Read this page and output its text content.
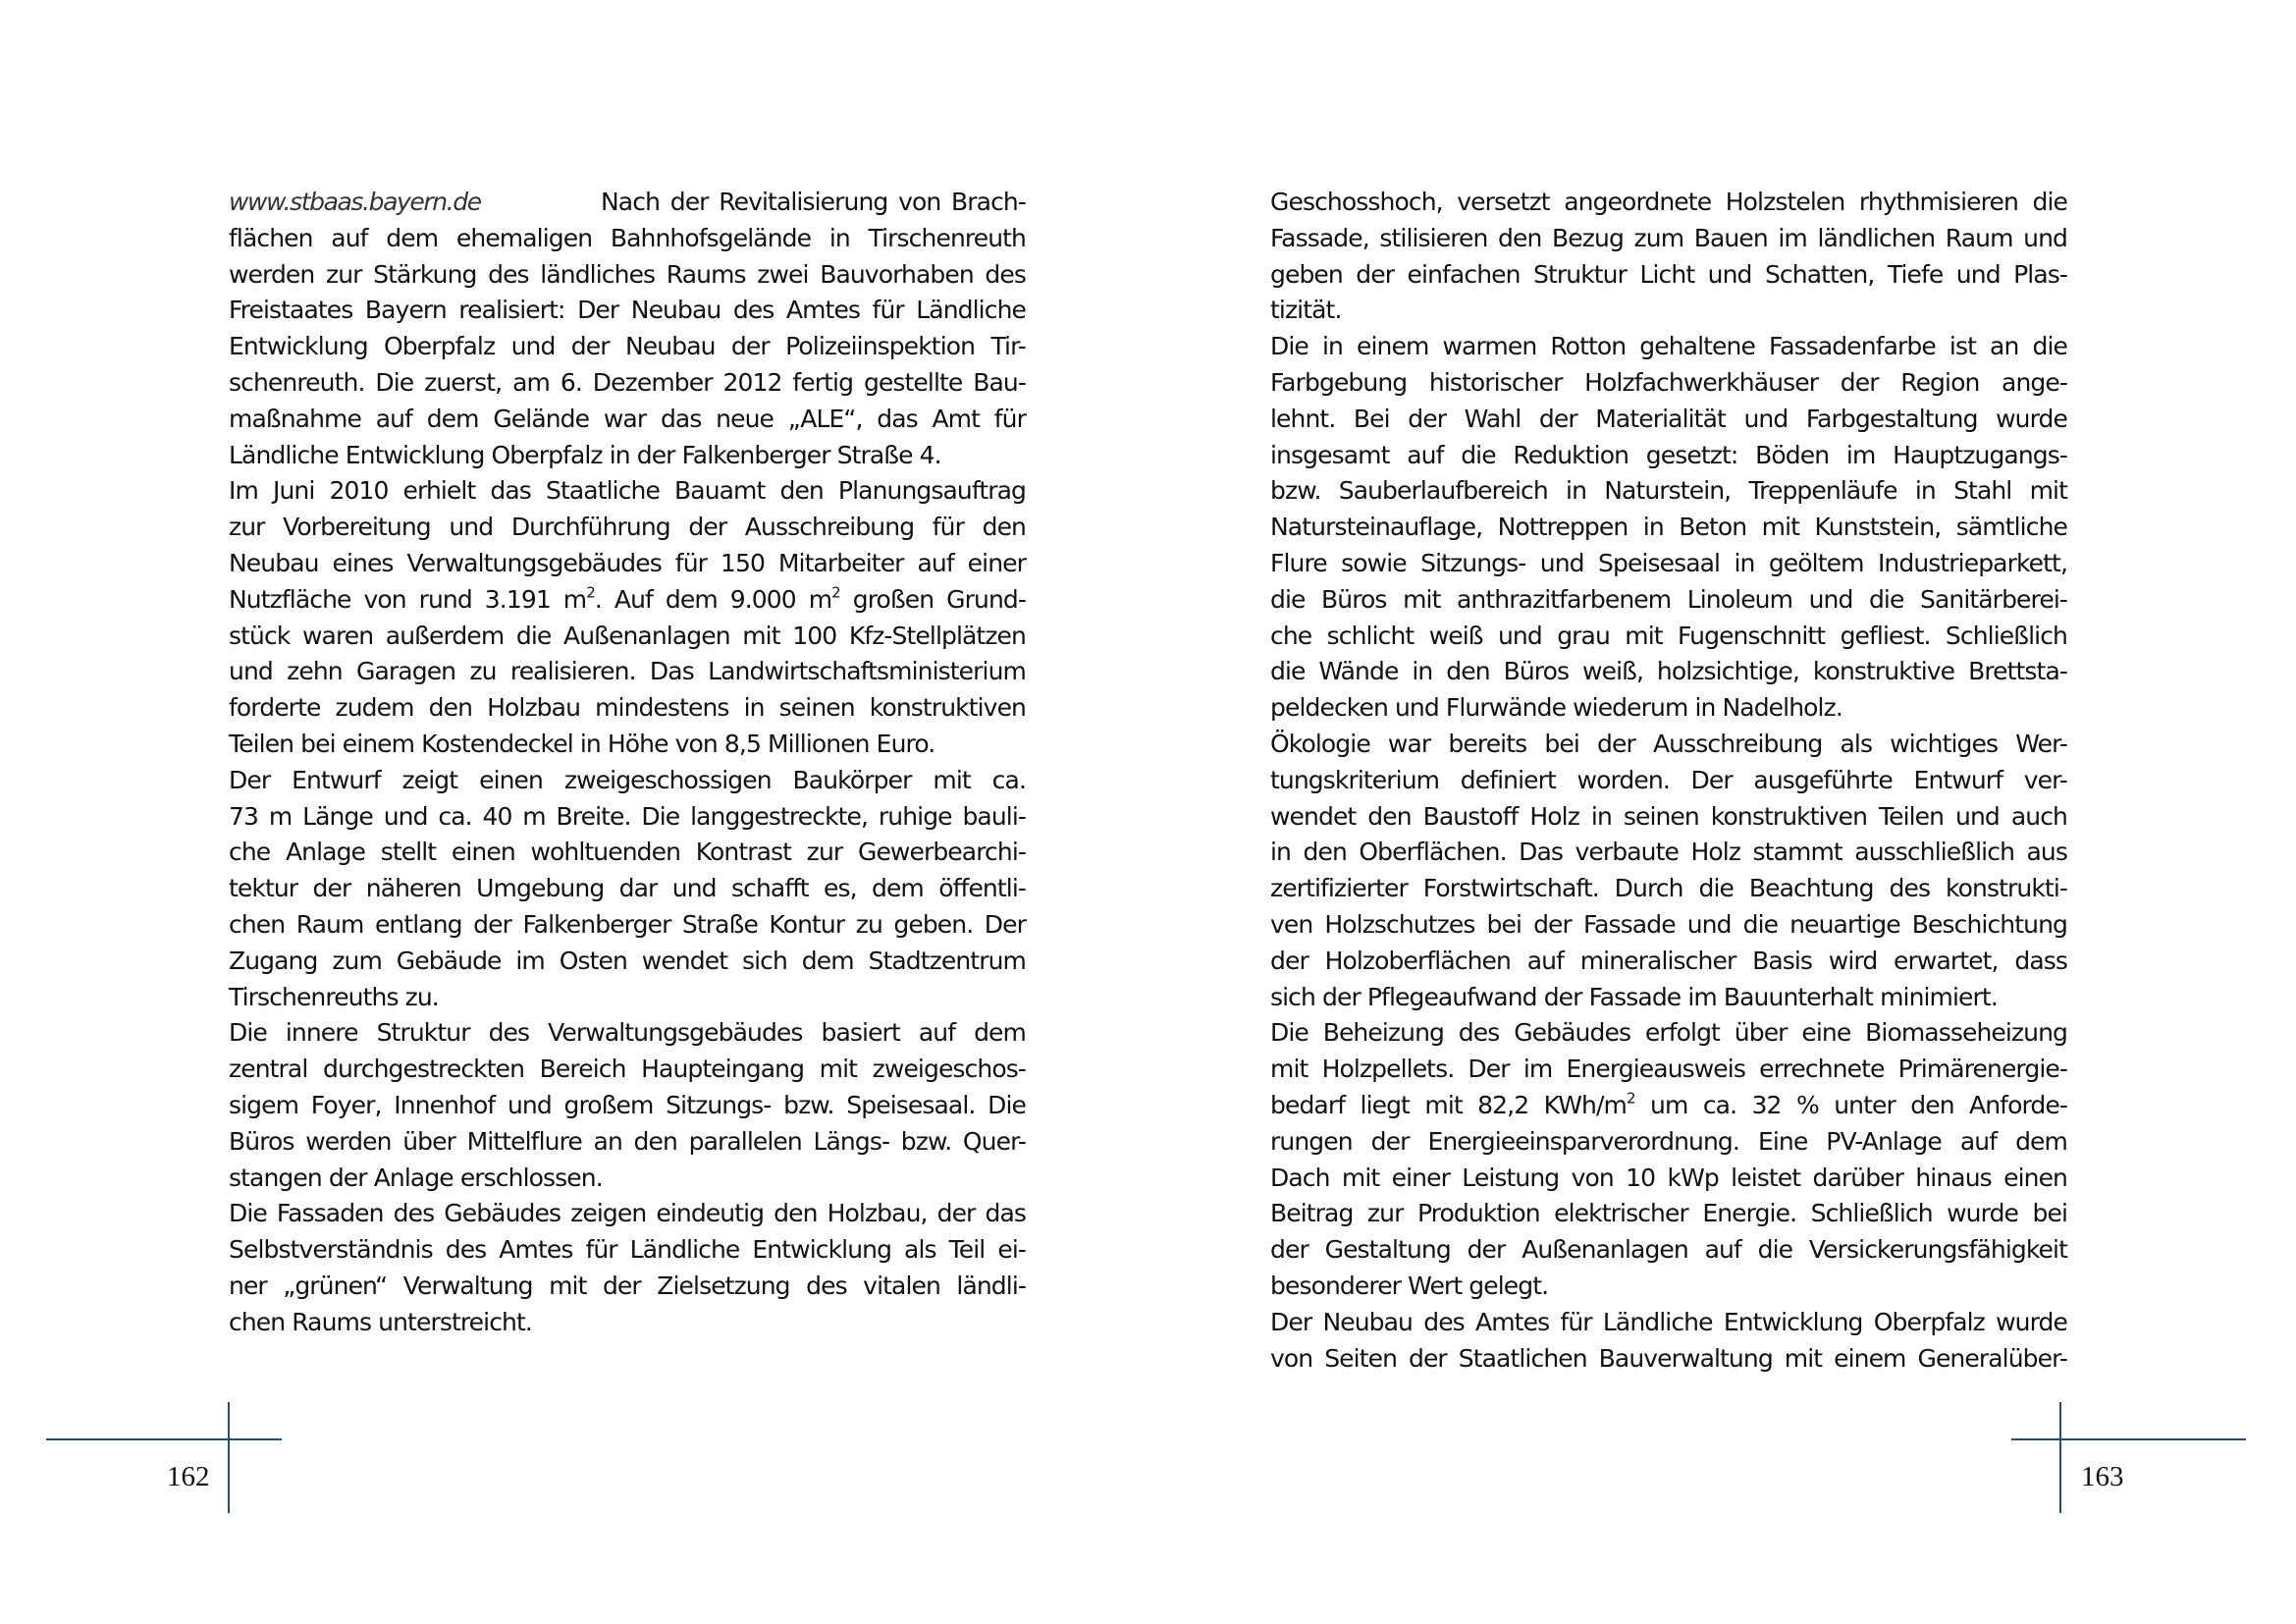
www.stbaas.bayern.de	Nach der Revitalisierung von Brach-
flächen auf dem ehemaligen Bahnhofsgelände in Tirschenreuth
werden zur Stärkung des ländliches Raums zwei Bauvorhaben des
Freistaates Bayern realisiert: Der Neubau des Amtes für Ländliche
Entwicklung Oberpfalz und der Neubau der Polizeiinspektion Tir-
schenreuth. Die zuerst, am 6. Dezember 2012 fertig gestellte Bau-
maßnahme auf dem Gelände war das neue „ALE“, das Amt für
Ländliche Entwicklung Oberpfalz in der Falkenberger Straße 4.
Im Juni 2010 erhielt das Staatliche Bauamt den Planungsauftrag
zur Vorbereitung und Durchführung der Ausschreibung für den
Neubau eines Verwaltungsgebäudes für 150 Mitarbeiter auf einer
Nutzfläche von rund 3.191 $m^2$. Auf dem 9.000 $m^2$ großen Grund-
stück waren außerdem die Außenanlagen mit 100 Kfz-Stellplätzen
und zehn Garagen zu realisieren. Das Landwirtschaftsministerium
forderte zudem den Holzbau mindestens in seinen konstruktiven
Teilen bei einem Kostendeckel in Höhe von 8,5 Millionen Euro.
Der Entwurf zeigt einen zweigeschossigen Baukörper mit ca.
73 m Länge und ca. 40 m Breite. Die langgestreckte, ruhige bauli-
che Anlage stellt einen wohltuenden Kontrast zur Gewerbearchi-
tektur der näheren Umgebung dar und schafft es, dem öffentli-
chen Raum entlang der Falkenberger Straße Kontur zu geben. Der
Zugang zum Gebäude im Osten wendet sich dem Stadtzentrum
Tirschenreuths zu.
Die innere Struktur des Verwaltungsgebäudes basiert auf dem
zentral durchgestreckten Bereich Haupteingang mit zweigeschos-
sigem Foyer, Innenhof und großem Sitzungs- bzw. Speisesaal. Die
Büros werden über Mittelflure an den parallelen Längs- bzw. Quer-
stangen der Anlage erschlossen.
Die Fassaden des Gebäudes zeigen eindeutig den Holzbau, der das
Selbstverständnis des Amtes für Ländliche Entwicklung als Teil ei-
ner „grünen“ Verwaltung mit der Zielsetzung des vitalen ländli-
chen Raums unterstreicht.
Geschosshoch, versetzt angeordnete Holzstelen rhythmisieren die
Fassade, stilisieren den Bezug zum Bauen im ländlichen Raum und
geben der einfachen Struktur Licht und Schatten, Tiefe und Plas-
tizität.
Die in einem warmen Rotton gehaltene Fassadenfarbe ist an die
Farbgebung historischer Holzfachwerkhäuser der Region ange-
lehnt. Bei der Wahl der Materialität und Farbgestaltung wurde
insgesamt auf die Reduktion gesetzt: Böden im Hauptzugangs-
bzw. Sauberlaufbereich in Naturstein, Treppenläufe in Stahl mit
Natursteinauflage, Nottreppen in Beton mit Kunststein, sämtliche
Flure sowie Sitzungs- und Speisesaal in geöltem Industrieparkett,
die Büros mit anthrazitfarbenem Linoleum und die Sanitärberei-
che schlicht weiß und grau mit Fugenschnitt gefliest. Schließlich
die Wände in den Büros weiß, holzsichtige, konstruktive Brettsta-
peldecken und Flurwände wiederum in Nadelholz.
Ökologie war bereits bei der Ausschreibung als wichtiges Wer-
tungskriterium definiert worden. Der ausgeführte Entwurf ver-
wendet den Baustoff Holz in seinen konstruktiven Teilen und auch
in den Oberflächen. Das verbaute Holz stammt ausschließlich aus
zertifizierter Forstwirtschaft. Durch die Beachtung des konstrukti-
ven Holzschutzes bei der Fassade und die neuartige Beschichtung
der Holzoberflächen auf mineralischer Basis wird erwartet, dass
sich der Pflegeaufwand der Fassade im Bauunterhalt minimiert.
Die Beheizung des Gebäudes erfolgt über eine Biomasseheizung
mit Holzpellets. Der im Energieausweis errechnete Primärenergie-
bedarf liegt mit 82,2 KWh/$m^2$ um ca. 32 % unter den Anforde-
rungen der Energieeinsparverordnung. Eine PV-Anlage auf dem
Dach mit einer Leistung von 10 kWp leistet darüber hinaus einen
Beitrag zur Produktion elektrischer Energie. Schließlich wurde bei
der Gestaltung der Außenanlagen auf die Versickerungsfähigkeit
besonderer Wert gelegt.
Der Neubau des Amtes für Ländliche Entwicklung Oberpfalz wurde
von Seiten der Staatlichen Bauverwaltung mit einem Generalüber-
162	163
